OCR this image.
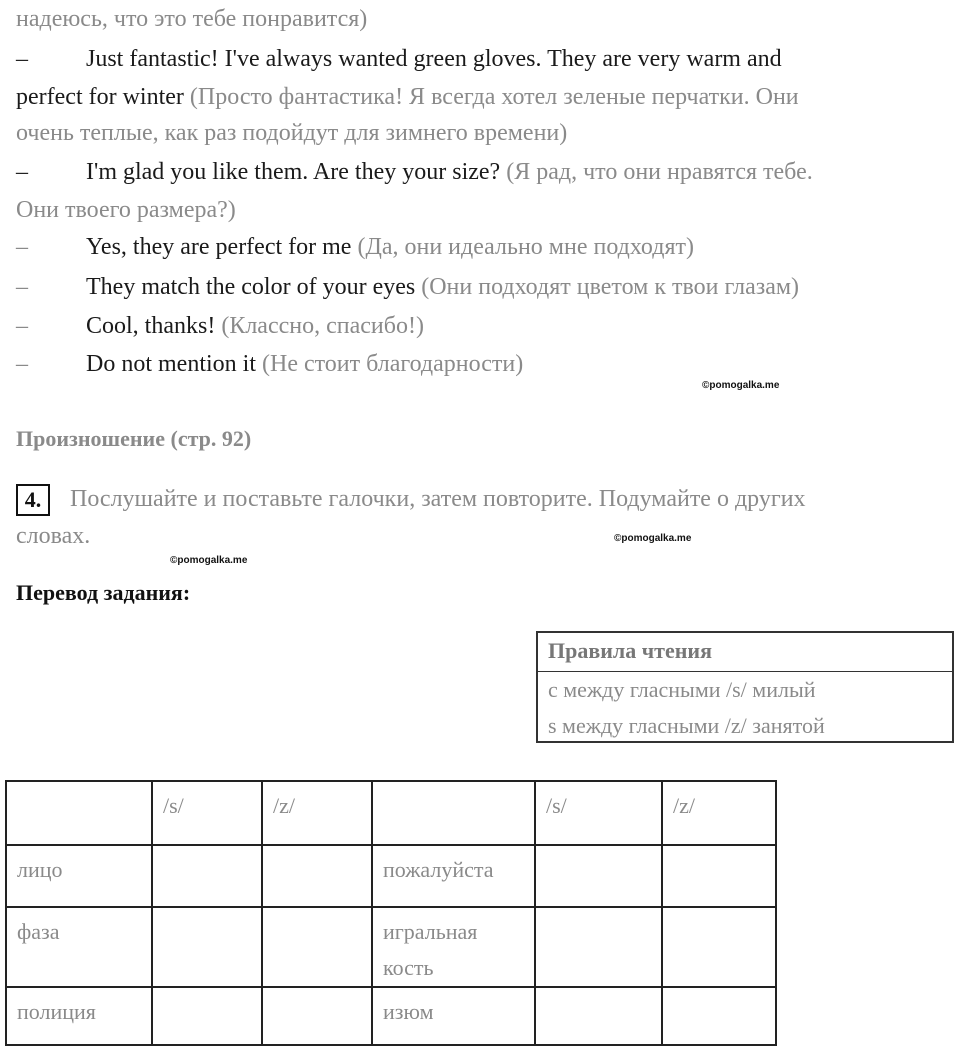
надеюсь, что это тебе понравится)
– Just fantastic! I've always wanted green gloves. They are very warm and
perfect for winter (Просто фантастика! Я всегда хотел зеленые перчатки. Они
очень теплые, как раз подойдут для зимнего времени)
– I'm glad you like them. Are they your size? (Я рад, что они нравятся тебе.
Они твоего размера?)
– Yes, they are perfect for me (Да, они идеально мне подходят)
– They match the color of your eyes (Они подходят цветом к твои глазам)
– Cool, thanks! (Классно, спасибо!)
– Do not mention it (Не стоит благодарности)
©pomogalka.me
Произношение (стр. 92)
4.	Послушайте и поставьте галочки, затем повторите. Подумайте о других
словах.	©pomogalka.me
©pomogalka.me
Перевод задания:
Правила чтения
с между гласными /s/ милый
s между гласными /z/ занятой
	/s/	/z/		/s/	/z/
лицо			пожалуйста		
фаза			игральная кость		
полиция			изюм		
